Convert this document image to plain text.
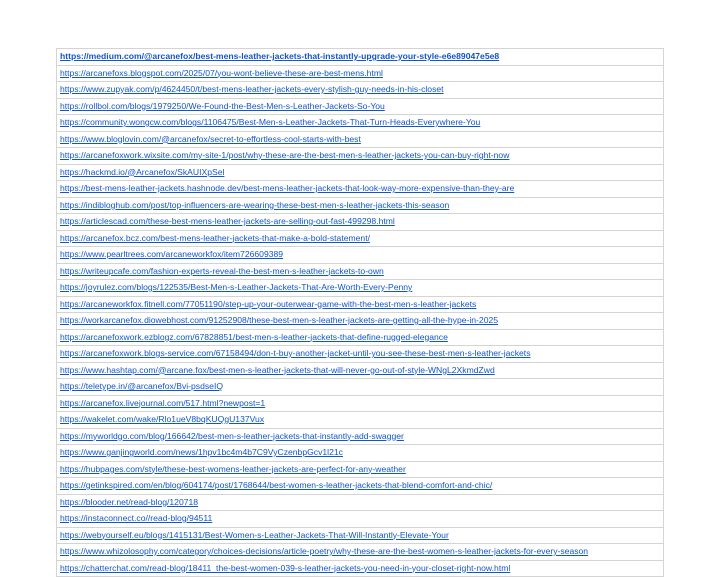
https://medium.com/@arcanefox/best-mens-leather-jackets-that-instantly-upgrade-your-style-e6e89047e5e8
https://arcanefoxs.blogspot.com/2025/07/you-wont-believe-these-are-best-mens.html
https://www.zupyak.com/p/4624450/t/best-mens-leather-jackets-every-stylish-guy-needs-in-his-closet
https://rollbol.com/blogs/1979250/We-Found-the-Best-Men-s-Leather-Jackets-So-You
https://community.wongcw.com/blogs/1106475/Best-Men-s-Leather-Jackets-That-Turn-Heads-Everywhere-You
https://www.bloglovin.com/@arcanefox/secret-to-effortless-cool-starts-with-best
https://arcanefoxwork.wixsite.com/my-site-1/post/why-these-are-the-best-men-s-leather-jackets-you-can-buy-right-now
https://hackmd.io/@Arcanefox/SkAUIXpSel
https://best-mens-leather-jackets.hashnode.dev/best-mens-leather-jackets-that-look-way-more-expensive-than-they-are
https://indibloghub.com/post/top-influencers-are-wearing-these-best-men-s-leather-jackets-this-season
https://articlescad.com/these-best-mens-leather-jackets-are-selling-out-fast-499298.html
https://arcanefox.bcz.com/best-mens-leather-jackets-that-make-a-bold-statement/
https://www.pearltrees.com/arcaneworkfox/item726609389
https://writeupcafe.com/fashion-experts-reveal-the-best-men-s-leather-jackets-to-own
https://joyrulez.com/blogs/122535/Best-Men-s-Leather-Jackets-That-Are-Worth-Every-Penny
https://arcaneworkfox.fitnell.com/77051190/step-up-your-outerwear-game-with-the-best-men-s-leather-jackets
https://workarcanefox.diowebhost.com/91252908/these-best-men-s-leather-jackets-are-getting-all-the-hype-in-2025
https://arcanefoxwork.ezblogz.com/67828851/best-men-s-leather-jackets-that-define-rugged-elegance
https://arcanefoxwork.blogs-service.com/67158494/don-t-buy-another-jacket-until-you-see-these-best-men-s-leather-jackets
https://www.hashtap.com/@arcane.fox/best-men-s-leather-jackets-that-will-never-go-out-of-style-WNgL2XkmdZwd
https://teletype.in/@arcanefox/Bvi-psdseIQ
https://arcanefox.livejournal.com/517.html?newpost=1
https://wakelet.com/wake/Rlo1ueV8bqKUQgU137Vux
https://myworldgo.com/blog/166642/best-men-s-leather-jackets-that-instantly-add-swagger
https://www.ganjingworld.com/news/1hpv1bc4m4b7C9VyCzenbpGcv1l21c
https://hubpages.com/style/these-best-womens-leather-jackets-are-perfect-for-any-weather
https://getinkspired.com/en/blog/604174/post/1768644/best-women-s-leather-jackets-that-blend-comfort-and-chic/
https://blooder.net/read-blog/120718
https://instaconnect.co//read-blog/94511
https://webyourself.eu/blogs/1415131/Best-Women-s-Leather-Jackets-That-Will-Instantly-Elevate-Your
https://www.whizolosophy.com/category/choices-decisions/article-poetry/why-these-are-the-best-women-s-leather-jackets-for-every-season
https://chatterchat.com/read-blog/18411_the-best-women-039-s-leather-jackets-you-need-in-your-closet-right-now.html
